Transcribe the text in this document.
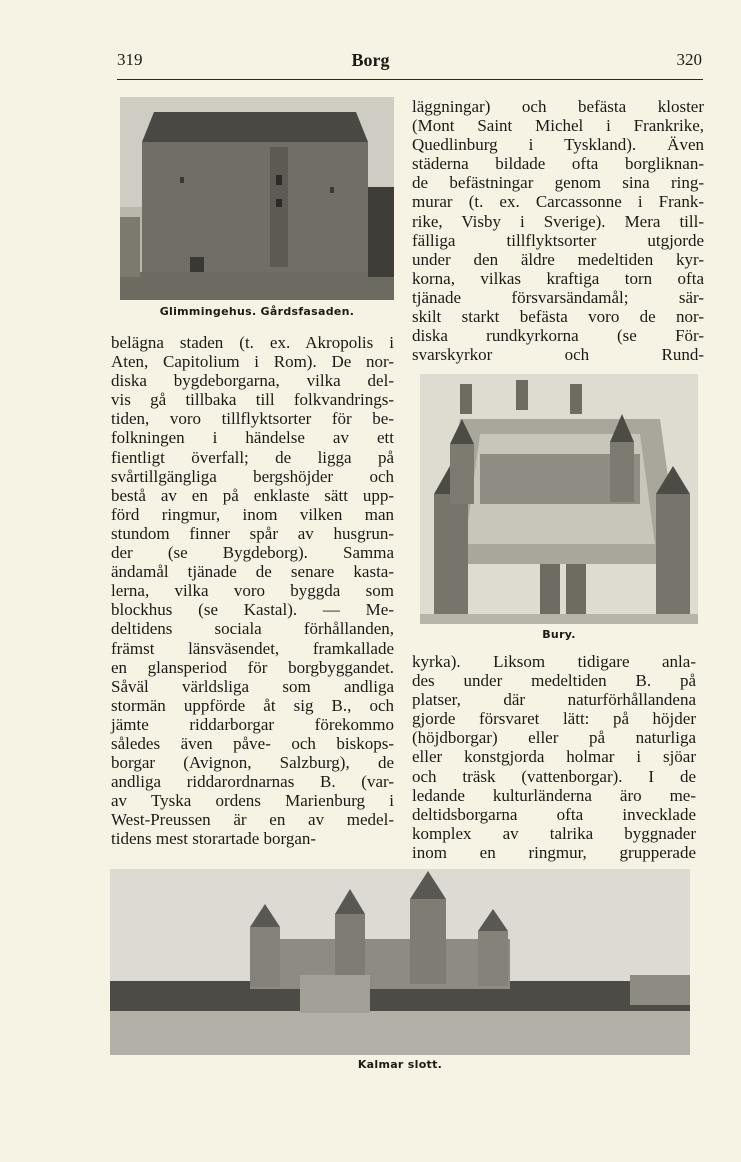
319	Borg	320
Glimmingehus. Gårdsfasaden.
belägna staden (t. ex. Akropolis i
Aten, Capitolium i Rom). De nor-
diska bygdeborgarna, vilka del-
vis gå tillbaka till folkvandrings-
tiden, voro tillflyktsorter för be-
folkningen i händelse av ett
fientligt överfall; de ligga på
svårtillgängliga bergshöjder och
bestå av en på enklaste sätt upp-
förd ringmur, inom vilken man
stundom finner spår av husgrun-
der (se Bygdeborg). Samma
ändamål tjänade de senare kasta-
lerna, vilka voro byggda som
blockhus (se Kastal). — Me-
deltidens sociala förhållanden,
främst länsväsendet, framkallade
en glansperiod för borgbyggandet.
Såväl världsliga som andliga
stormän uppförde åt sig B., och
jämte riddarborgar förekommo
således även påve- och biskops-
borgar (Avignon, Salzburg), de
andliga riddarordnarnas B. (var-
av Tyska ordens Marienburg i
West-Preussen är en av medel-
tidens mest storartade borgan-
läggningar) och befästa kloster
(Mont Saint Michel i Frankrike,
Quedlinburg i Tyskland). Även
städerna bildade ofta borgliknan-
de befästningar genom sina ring-
murar (t. ex. Carcassonne i Frank-
rike, Visby i Sverige). Mera till-
fälliga tillflyktsorter utgjorde
under den äldre medeltiden kyr-
korna, vilkas kraftiga torn ofta
tjänade försvarsändamål; sär-
skilt starkt befästa voro de nor-
diska rundkyrkorna (se För-
svarskyrkor och Rund-
Bury.
kyrka). Liksom tidigare anla-
des under medeltiden B. på
platser, där naturförhållandena
gjorde försvaret lätt: på höjder
(höjdborgar) eller på naturliga
eller konstgjorda holmar i sjöar
och träsk (vattenborgar). I de
ledande kulturländerna äro me-
deltidsborgarna ofta invecklade
komplex av talrika byggnader
inom en ringmur, grupperade
Kalmar slott.
